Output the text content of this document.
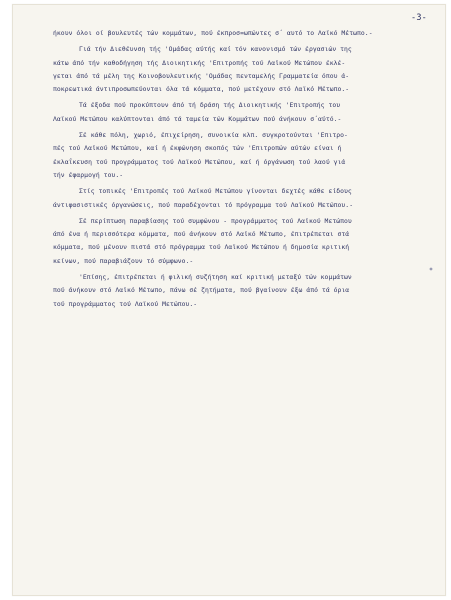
-3-
ήκουν όλοι οί βουλευτές τών κομμάτων, πού έκπροσ=ωπώντες σ΄ αυτό το Λαϊκό Μέτωπο.-
Γιά τήν Διεθέυνση τής 'Ομάδας αύτής καί τόν κανονισμό τών έργασιών της
κάτω άπό τήν καθοδήγηση τής Διοικητικής 'Επιτροπής τού Λαϊκού Μετώπου έκλέ-
γεται άπό τά μέλη της Κοινοβουλευτικής 'Ομάδας πενταμελής Γραμματεία όπου ά-
ποκρεωτικά άντιπροσωπεύονται όλα τά κόμματα, πού μετέχουν στό Λαϊκό Μέτωπο.-
Τά έξοδα πού προκύπτουν άπό τή δράση τής Διοικητικής 'Επιτροπής του
Λαϊκού Μετώπου καλύπτονται άπό τά ταμεία τών Κομμάτων πού άνήκουν σ΄αύτό.-
Σέ κάθε πόλη, χωριό, έπιχείρηση, συνοικία κλπ. συγκροτούνται 'Επιτρο-
πές τού Λαϊκού Μετώπου, καί ή έκφώνηση σκοπός τών 'Επιτροπών αύτών είναι ή
έκλαΐκευση τού προγράμματος τού Λαϊκού Μετώπου, καί ή όργάνωση τού λαού γιά
τήν έφαρμογή του.-
Στίς τοπικές 'Επιτροπές τού Λαϊκού Μετώπου γίνονται δεχτές κάθε είδους
άντιφασιστικές όργανώσεις, πού παραδέχονται τό πρόγραμμα τού Λαϊκού Μετώπου.-
Σέ περίπτωση παραβίασης τού συμφώνου - προγράμματος τού Λαϊκού Μετώπου
άπό ένα ή περισσότερα κόμματα, πού άνήκουν στό Λαϊκό Μέτωπο, έπιτρέπεται στά
κόμματα, πού μένουν πιστά στό πρόγραμμα τού Λαϊκού Μετώπου ή δημοσία κριτική
κείνων, πού παραβιάζουν τό σύμφωνο.-
'Επίσης, έπιτρέπεται ή φιλική συζήτηση καί κριτική μεταξύ τών κομμάτων
πού άνήκουν στό Λαϊκό Μέτωπο, πάνω σέ ζητήματα, πού βγαίνουν έξω άπό τά όρια
τού προγράμματος τού Λαϊκού Μετώπου.-
